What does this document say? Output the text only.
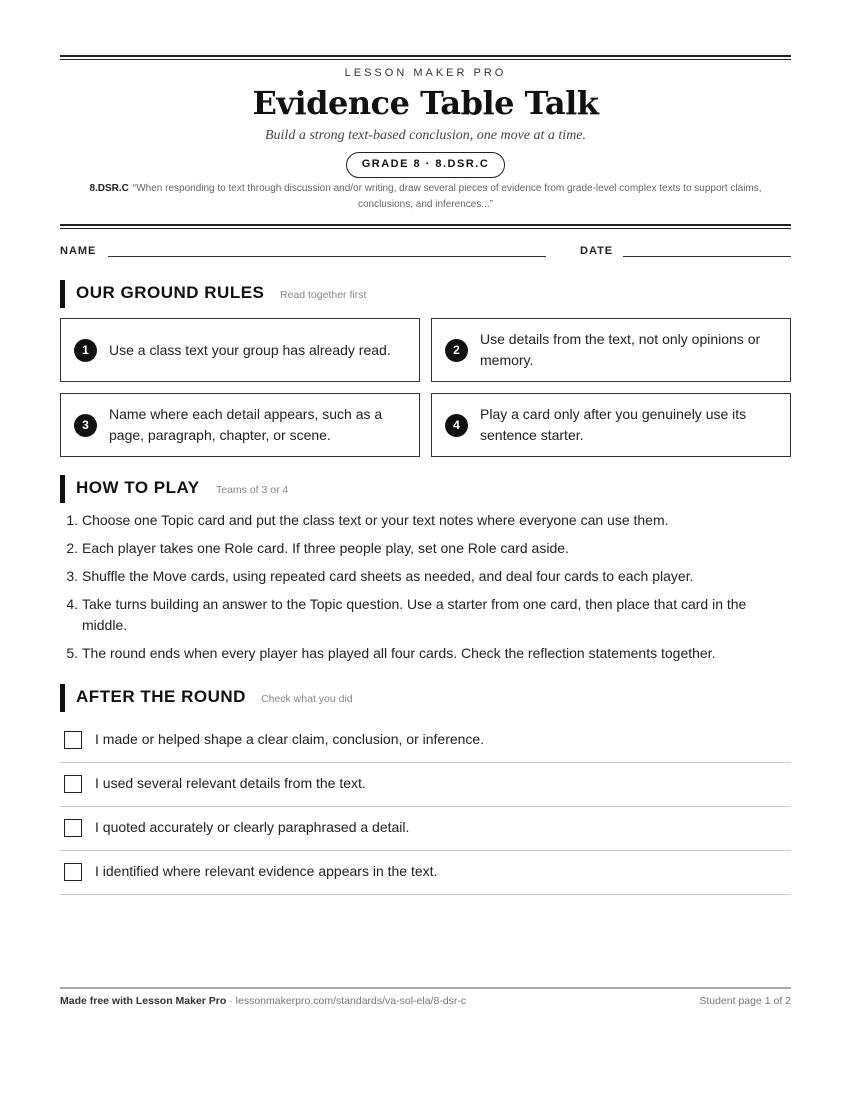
LESSON MAKER PRO
Evidence Table Talk
Build a strong text-based conclusion, one move at a time.
GRADE 8 · 8.DSR.C
8.DSR.C “When responding to text through discussion and/or writing, draw several pieces of evidence from grade-level complex texts to support claims, conclusions, and inferences...”
NAME	DATE
OUR GROUND RULES Read together first
1	Use a class text your group has already read.	2
Use details from the text, not only opinions or memory.
3
Name where each detail appears, such as a page, paragraph, chapter, or scene.
4
Play a card only after you genuinely use its sentence starter.
HOW TO PLAY Teams of 3 or 4
1. Choose one Topic card and put the class text or your text notes where everyone can use them.
2. Each player takes one Role card. If three people play, set one Role card aside.
3. Shuffle the Move cards, using repeated card sheets as needed, and deal four cards to each player.
4. Take turns building an answer to the Topic question. Use a starter from one card, then place that card in the middle.
5. The round ends when every player has played all four cards. Check the reflection statements together.
AFTER THE ROUND Check what you did
I made or helped shape a clear claim, conclusion, or inference.
I used several relevant details from the text.
I quoted accurately or clearly paraphrased a detail.
I identified where relevant evidence appears in the text.
Made free with Lesson Maker Pro · lessonmakerpro.com/standards/va-sol-ela/8-dsr-c	Student page 1 of 2
